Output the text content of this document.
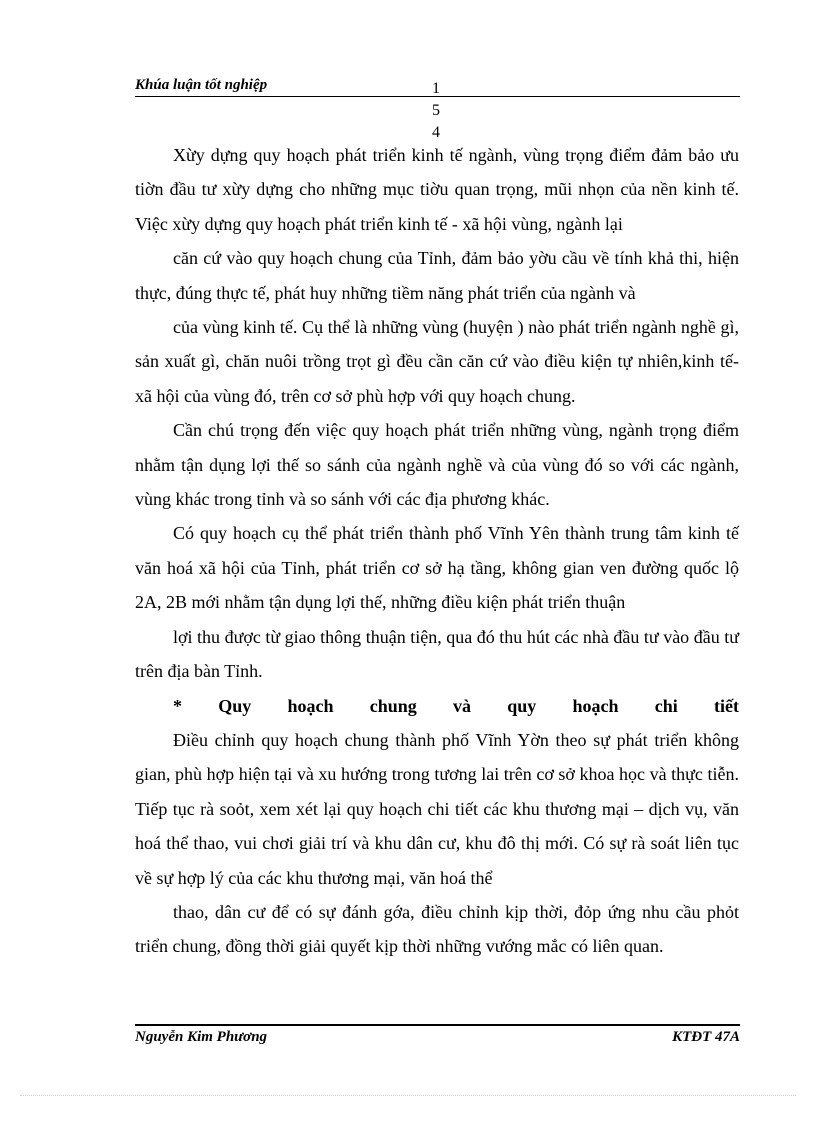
Khúa luận tốt nghiệp	1
5
4

Xừy dựng quy hoạch phát triển kinh tế ngành, vùng trọng điểm đảm bảo ưu tiờn đầu tư xừy dựng cho những mục tiờu quan trọng, mũi nhọn của nền kinh tế. Việc xừy dựng quy hoạch phát triển kinh tế - xã hội vùng, ngành lại

căn cứ vào quy hoạch chung của Tỉnh, đảm bảo yờu cầu về tính khả thi, hiện thực, đúng thực tế, phát huy những tiềm năng phát triển của ngành và

của vùng kinh tế. Cụ thể là những vùng (huyện ) nào phát triển ngành nghề gì, sản xuất gì, chăn nuôi trồng trọt gì đều cần căn cứ vào điều kiện tự nhiên,kinh tế- xã hội của vùng đó, trên cơ sở phù hợp với quy hoạch chung.

Cần chú trọng đến việc quy hoạch phát triển những vùng, ngành trọng điểm nhằm tận dụng lợi thế so sánh của ngành nghề và của vùng đó so với các ngành, vùng khác trong tỉnh và so sánh với các địa phương khác.

Có quy hoạch cụ thể phát triển thành phố Vĩnh Yên thành trung tâm kinh tế văn hoá xã hội của Tỉnh, phát triển cơ sở hạ tầng, không gian ven đường quốc lộ 2A, 2B mới nhằm tận dụng lợi thế, những điều kiện phát triển thuận

lợi thu được từ giao thông thuận tiện, qua đó thu hút các nhà đầu tư vào đầu tư trên địa bàn Tỉnh.

* Quy hoạch chung và quy hoạch chi tiết

Điều chỉnh quy hoạch chung thành phố Vĩnh Yờn theo sự phát triển không gian, phù hợp hiện tại và xu hướng trong tương lai trên cơ sở khoa học và thực tiễn. Tiếp tục rà soỏt, xem xét lại quy hoạch chi tiết các khu thương mại – dịch vụ, văn hoá thể thao, vui chơi giải trí và khu dân cư, khu đô thị mới. Có sự rà soát liên tục về sự hợp lý của các khu thương mại, văn hoá thể

thao, dân cư để có sự đánh gớa, điều chỉnh kịp thời, đỏp ứng nhu cầu phỏt triển chung, đồng thời giải quyết kịp thời những vướng mắc có liên quan.

Nguyễn Kim Phương	KTĐT 47A
